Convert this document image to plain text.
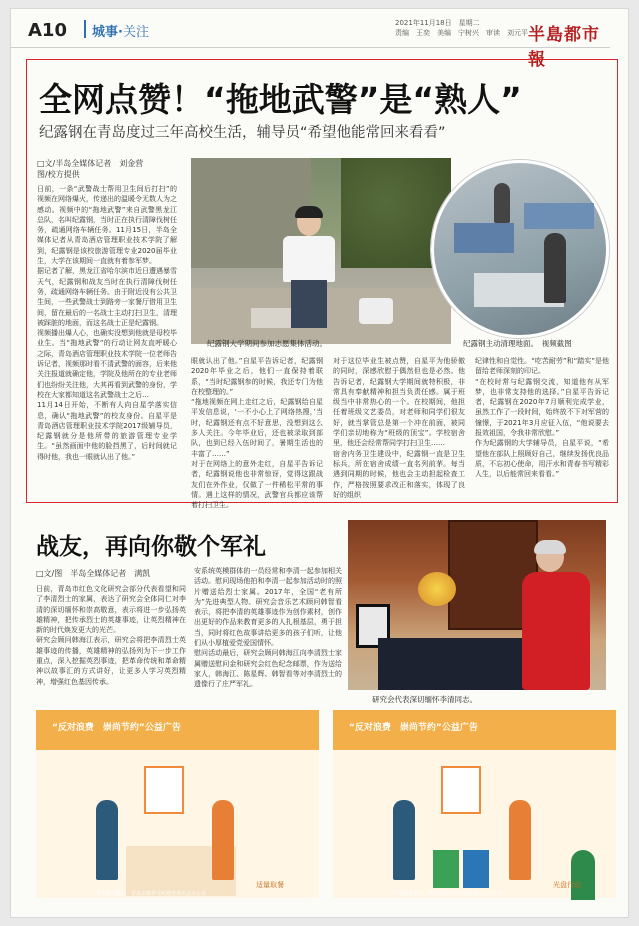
A10 城事·关注
2021年11月18日　星期二
责编　王奕　美编　宁树兴　审读　刘元平 半島都市報
全网点赞！“拖地武警”是“熟人”
纪露钢在青岛度过三年高校生活，辅导员“希望他能常回来看看”
□文/半岛全媒体记者　刘金营
图/校方提供

日前，一条“武警战士帮用卫生间后打扫”的视频在网络爆火，传递出的温暖令无数人为之感动。视频中的“拖地武警”来自武警黑龙江总队，名叫纪露钢，当时正在执行清障伐树任务，疏通网络车辆任务。11月15日，半岛全媒体记者从青岛酒店管理职业技术学院了解到，纪露钢是该校旅游管理专业2020届毕业生，大学在该期间一直就有着参军梦。

据记者了解，黑龙江省哈尔滨市近日遭遇暴雪天气，纪露钢和战友当时在执行清障伐树任务，疏通网络车辆任务。由于附近没有公共卫生间，一些武警战士到路旁一家餐厅借用卫生间，留在最后的一名战士主动打扫卫生，清理被踩脏的地面，而这名战士正是纪露钢。

视频播出爆人心，也确实没想到他就是母校毕业生。当“拖地武警”的行动让网友直呼暖心之际，青岛酒店管理职业技术学院一位老师告诉记者，视频那时看不清武警的面容，后来他关注报道就确定他，学院及他所在的专业老师们也纷纷关注他，大其再看到武警的身份，学校在大家都知道这名武警战士之后…

11月14日开始，不断有人向自星学落实信息，确认“拖地武警”的校友身份。自星平是青岛酒店管理职业技术学院2017级辅导员，纪露钢就分是他所带的旅游管理专业学生。“虽然画面中他的脸挡黑了，后时间就记得时他，我也一眼就认出了他。”

纪露钢大学期间参加志愿集体活动。	纪露钢主动清理地面。　 视频截图

眼就认出了他。”自星平告诉记者，纪露钢2020年毕业之后，他们一直保持着联系，“当时纪露钢参的时候，我还专门为他在校整理的。”

“拖地视频在网上走红之后，纪露钢给自星平发信息说，‘一不小心上了网络热搜，’当时，纪露钢还有点不好意思，没想到这么多人关注。今年毕业后，还也被录取到部队，也到已经入伍时间了，暑期生活也的丰富了……”

对于在网络上的意外走红，自星平告诉记者，纪露钢说他也非常惊讶，觉得这跟战友们在外作业，仅做了一件稀松平常的事情。遇上这样的情况，武警官兵都应该帮着打扫卫生。

对于这位毕业生被点赞，自星平为他骄傲的同时，深感欣慰于偶然但也是必然。他告诉记者，纪露钢大学期间就特积极，非常具有奉献精神和担当负责任感。属于班级当中非常热心的一个。在校期间，他担任着班级文艺委员，对老师和同学们很友好，就当掌管总是第一个冲在前面，被同学们亲切地称为“班级的顶宝”。学校宿舍里，他还会经常帮同学打扫卫生……

宿舍内务卫生建设中，纪露钢一直是卫生标兵，所在宿舍成绩一直名列前茅。每当遇到同期的时候，他也会主动担起检查工作，严格按照要求改正和落实，体现了良好的组织

纪律性和自觉性。“吃苦耐劳”和“踏实”是他留给老师深刻的印记。

“在校时常与纪露钢交流，知道他有从军梦，也非常支持他的选择。”自星平告诉记者，纪露钢在2020年7月顺利完成学业，虽然工作了一段时间，始终放不下对军营的憧憬，于2021年3月应征入伍，“他说要去报效祖国，令我非常欣慰。”

作为纪露钢的大学辅导员，自星平说，“希望他在部队上照顾好自己，继续发扬优良品质，不忘初心使命，用汗水和青春书写精彩人生，以后能常回来看看。”

战友，再向你敬个军礼
□文/图　半岛全媒体记者　满凯

日前，青岛市红色文化研究会部分代表看望和同了李清烈士的家属，表达了研究会全体同仁对李清的深切缅怀和崇高敬意，表示将进一步弘扬英雄精神，把传承烈士的英雄事迹，让英烈精神在新的时代焕发更大的光芒。

研究会顾问韩海江表示，研究会将把李清烈士英雄事迹的传播，英雄精神的弘扬列为下一步工作重点，深入挖掘英烈事迹，把革命传统和革命精神以故事汇的方式讲好，让更多人学习英烈精神，增强红色基因传承。

安系统英模群体的一员经常和李清一起参加相关活动。慰问现场他拍和李清一起参加活动时的照片赠送给烈士家属。2017年，全国“老有所为”先进典型人物、研究会音乐艺术顾问韩智看表示，将把李清的英雄事迹作为创作素材，创作出更好的作品来教育更多的人扎根基层，勇于担当，同时将红色故事讲给更多的孩子们听，让他们从小厚植爱党爱国情怀。

慰问活动最后，研究会顾问韩海江向李清烈士家属赠送慰问金和研究会红色纪念邮票，作为送给家人，韩海江、陈星辉、韩智看等对李清烈士的遗像行了庄严军礼。

研究会代表深切缅怀李清同志。
“反对浪费　崇尚节约”公益广告
适量取餐
半岛都市报社　青岛市精神文明建设委员会办公室
“反对浪费　崇尚节约”公益广告
光盘行动
半岛都市报社　青岛市精神文明建设委员会办公室
